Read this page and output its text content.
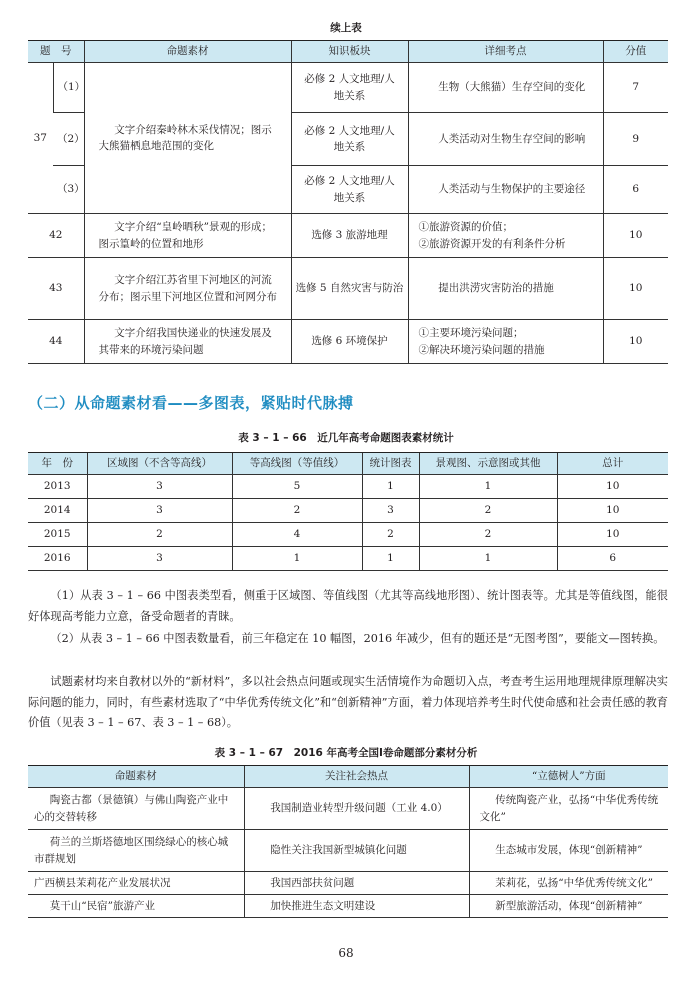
续上表
题　号		命题素材	知识板块	详细考点	分值
37	（1）	文字介绍秦岭林木采伐情况；图示大熊猫栖息地范围的变化	必修 2 人文地理/人地关系	生物（大熊猫）生存空间的变化	7
	（2）		必修 2 人文地理/人地关系	人类活动对生物生存空间的影响	9
	（3）		必修 2 人文地理/人地关系	人类活动与生物保护的主要途径	6
42		文字介绍“皇岭晒秋”景观的形成；图示篁岭的位置和地形	选修 3 旅游地理	①旅游资源的价值；
②旅游资源开发的有利条件分析	10
43		文字介绍江苏省里下河地区的河流分布；图示里下河地区位置和河网分布	选修 5 自然灾害与防治	提出洪涝灾害防治的措施	10
44		文字介绍我国快递业的快速发展及其带来的环境污染问题	选修 6 环境保护	①主要环境污染问题；
②解决环境污染问题的措施	10
（二）从命题素材看——多图表，紧贴时代脉搏
表 3 – 1 – 66　近几年高考命题图表素材统计
年　份	区域图（不含等高线）	等高线图（等值线）	统计图表	景观图、示意图或其他	总计
2013	3	5	1	1	10
2014	3	2	3	2	10
2015	2	4	2	2	10
2016	3	1	1	1	6
（1）从表 3 – 1 – 66 中图表类型看，侧重于区域图、等值线图（尤其等高线地形图）、统计图表等。尤其是等值线图，能很好体现高考能力立意，备受命题者的青睐。
（2）从表 3 – 1 – 66 中图表数量看，前三年稳定在 10 幅图，2016 年减少，但有的题还是“无图考图”，要能文—图转换。
试题素材均来自教材以外的“新材料”，多以社会热点问题或现实生活情境作为命题切入点，考查考生运用地理规律原理解决实际问题的能力，同时，有些素材选取了“中华优秀传统文化”和“创新精神”方面，着力体现培养考生时代使命感和社会责任感的教育价值（见表 3 – 1 – 67、表 3 – 1 – 68）。
表 3 – 1 – 67　2016 年高考全国Ⅰ卷命题部分素材分析
命题素材	关注社会热点	“立德树人”方面
陶瓷古都（景德镇）与佛山陶瓷产业中心的交替转移	我国制造业转型升级问题（工业 4.0）	传统陶瓷产业，弘扬“中华优秀传统文化”
荷兰的兰斯塔德地区围绕绿心的核心城市群规划	隐性关注我国新型城镇化问题	生态城市发展，体现“创新精神”
广西横县茉莉花产业发展状况	我国西部扶贫问题	茉莉花，弘扬“中华优秀传统文化”
莫干山“民宿”旅游产业	加快推进生态文明建设	新型旅游活动，体现“创新精神”
68
